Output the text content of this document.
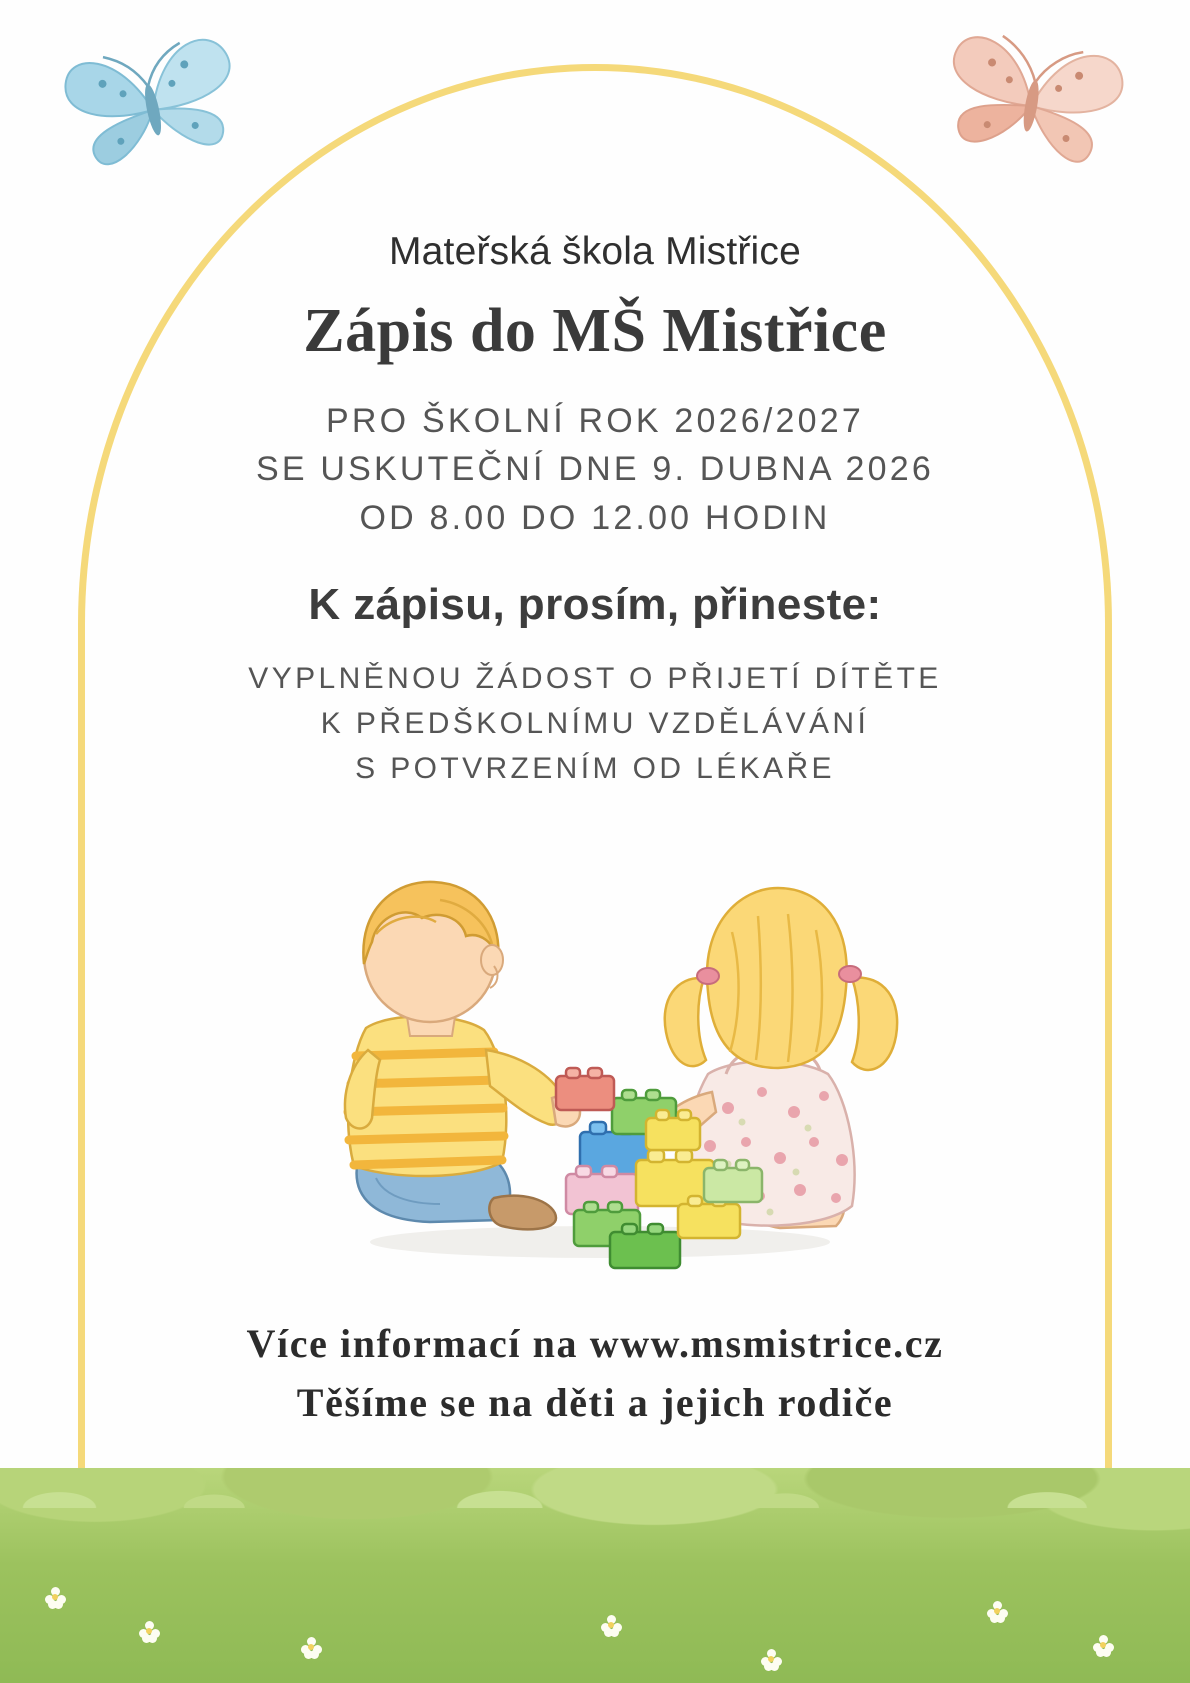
Mateřská škola Mistřice
Zápis do MŠ Mistřice
PRO ŠKOLNÍ ROK 2026/2027
SE USKUTEČNÍ DNE 9. DUBNA 2026
OD 8.00 DO 12.00 HODIN
K zápisu, prosím, přineste:
VYPLNĚNOU ŽÁDOST O PŘIJETÍ DÍTĚTE
K PŘEDŠKOLNÍMU VZDĚLÁVÁNÍ
S POTVRZENÍM OD LÉKAŘE
Více informací na www.msmistrice.cz
Těšíme se na děti a jejich rodiče
